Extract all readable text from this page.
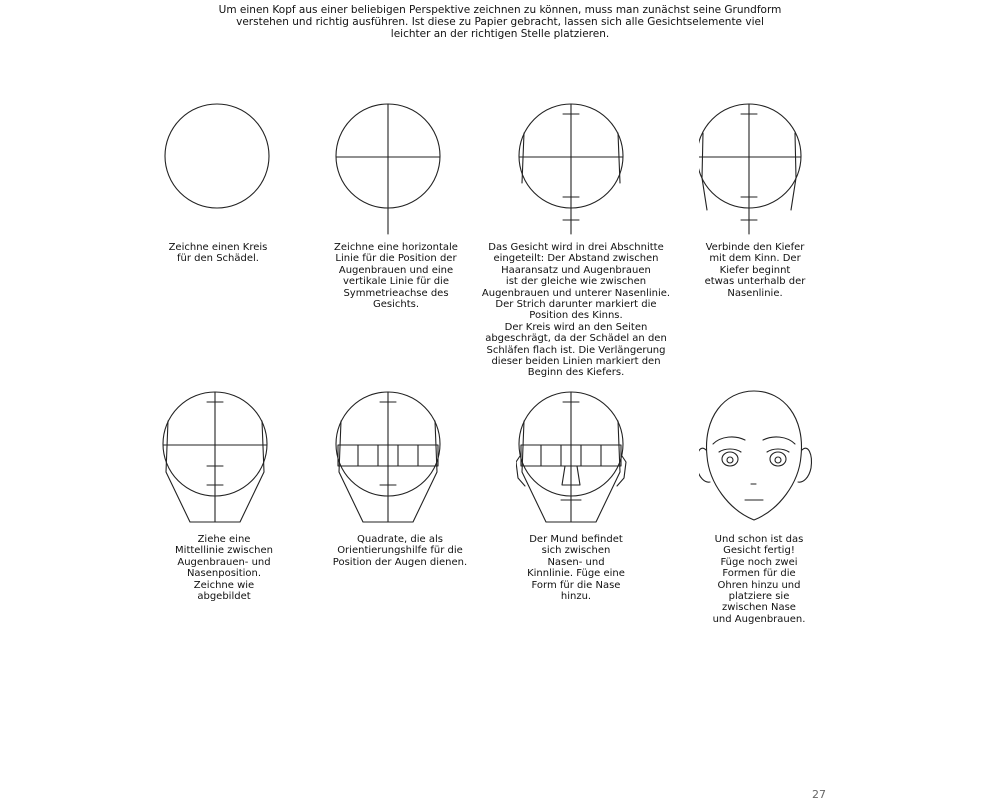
Um einen Kopf aus einer beliebigen Perspektive zeichnen zu können, muss man zunächst seine Grundform
verstehen und richtig ausführen. Ist diese zu Papier gebracht, lassen sich alle Gesichtselemente viel
leichter an der richtigen Stelle platzieren.
Zeichne einen Kreis
für den Schädel.
Zeichne eine horizontale
Linie für die Position der
Augenbrauen und eine
vertikale Linie für die
Symmetrieachse des
Gesichts.
Das Gesicht wird in drei Abschnitte
eingeteilt: Der Abstand zwischen
Haaransatz und Augenbrauen
ist der gleiche wie zwischen
Augenbrauen und unterer Nasenlinie.
Der Strich darunter markiert die
Position des Kinns.
Der Kreis wird an den Seiten
abgeschrägt, da der Schädel an den
Schläfen flach ist. Die Verlängerung
dieser beiden Linien markiert den
Beginn des Kiefers.
Verbinde den Kiefer
mit dem Kinn. Der
Kiefer beginnt
etwas unterhalb der
Nasenlinie.
Ziehe eine
Mittellinie zwischen
Augenbrauen- und
Nasenposition.
Zeichne wie
abgebildet
Quadrate, die als
Orientierungshilfe für die
Position der Augen dienen.
Der Mund befindet
sich zwischen
Nasen- und
Kinnlinie. Füge eine
Form für die Nase
hinzu.
Und schon ist das
Gesicht fertig!
Füge noch zwei
Formen für die
Ohren hinzu und
platziere sie
zwischen Nase
und Augenbrauen.
27
